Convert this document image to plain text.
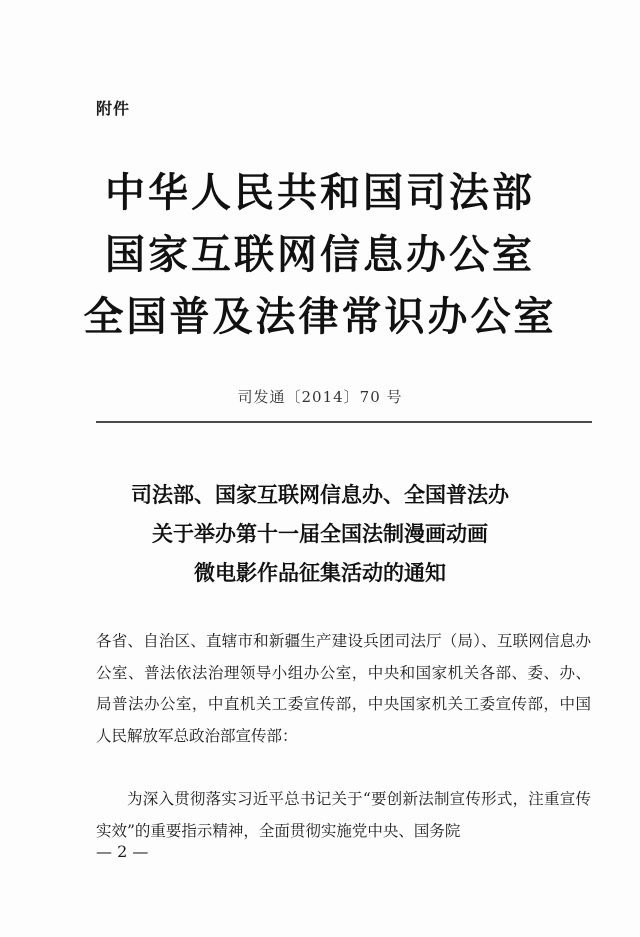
附件
中华人民共和国司法部
国家互联网信息办公室
全国普及法律常识办公室
司发通〔2014〕70 号
司法部、国家互联网信息办、全国普法办
关于举办第十一届全国法制漫画动画
微电影作品征集活动的通知
各省、自治区、直辖市和新疆生产建设兵团司法厅（局）、互联网信息办公室、普法依法治理领导小组办公室，中央和国家机关各部、委、办、局普法办公室，中直机关工委宣传部，中央国家机关工委宣传部，中国人民解放军总政治部宣传部：
为深入贯彻落实习近平总书记关于“要创新法制宣传形式，注重宣传实效”的重要指示精神，全面贯彻实施党中央、国务院
— 2 —
